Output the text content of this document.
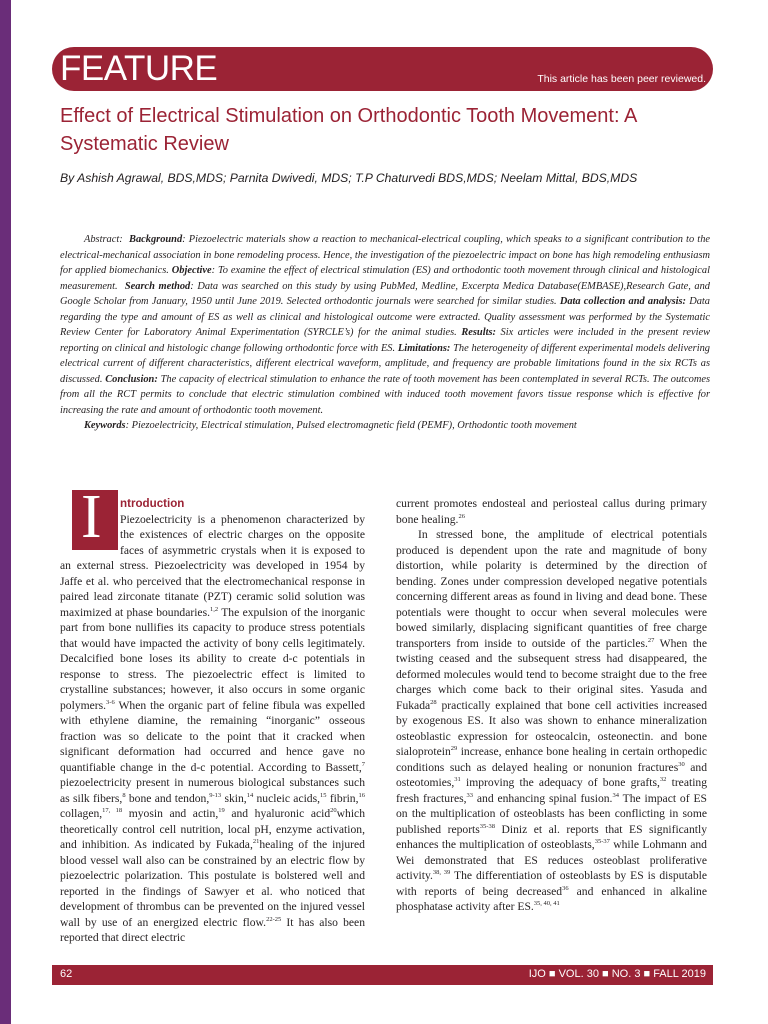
FEATURE	This article has been peer reviewed.
Effect of Electrical Stimulation on Orthodontic Tooth Movement: A Systematic Review
By Ashish Agrawal, BDS,MDS; Parnita Dwivedi, MDS; T.P Chaturvedi BDS,MDS; Neelam Mittal, BDS,MDS
Abstract: Background: Piezoelectric materials show a reaction to mechanical-electrical coupling, which speaks to a significant contribution to the electrical-mechanical association in bone remodeling process. Hence, the investigation of the piezoelectric impact on bone has high remodeling enthusiasm for applied biomechanics. Objective: To examine the effect of electrical stimulation (ES) and orthodontic tooth movement through clinical and histological measurement. Search method: Data was searched on this study by using PubMed, Medline, Excerpta Medica Database(EMBASE),Research Gate, and Google Scholar from January, 1950 until June 2019. Selected orthodontic journals were searched for similar studies. Data collection and analysis: Data regarding the type and amount of ES as well as clinical and histological outcome were extracted. Quality assessment was performed by the Systematic Review Center for Laboratory Animal Experimentation (SYRCLE’s) for the animal studies. Results: Six articles were included in the present review reporting on clinical and histologic change following orthodontic force with ES. Limitations: The heterogeneity of different experimental models delivering electrical current of different characteristics, different electrical waveform, amplitude, and frequency are probable limitations found in the six RCTs as discussed. Conclusion: The capacity of electrical stimulation to enhance the rate of tooth movement has been contemplated in several RCTs. The outcomes from all the RCT permits to conclude that electric stimulation combined with induced tooth movement favors tissue response which is effective for increasing the rate and amount of orthodontic tooth movement.
Keywords: Piezoelectricity, Electrical stimulation, Pulsed electromagnetic field (PEMF), Orthodontic tooth movement
I	ntroduction
Piezoelectricity is a phenomenon characterized by the existences of electric charges on the opposite faces of asymmetric crystals when it is exposed to an external stress. Piezoelectricity was developed in 1954 by Jaffe et al. who perceived that the electromechanical response in paired lead zirconate titanate (PZT) ceramic solid solution was maximized at phase boundaries.$^{1,2}$ The expulsion of the inorganic part from bone nullifies its capacity to produce stress potentials that would have impacted the activity of bony cells legitimately. Decalcified bone loses its ability to create d-c potentials in response to stress. The piezoelectric effect is limited to crystalline substances; however, it also occurs in some organic polymers.$^{3-6}$ When the organic part of feline fibula was expelled with ethylene diamine, the remaining “inorganic” osseous fraction was so delicate to the point that it cracked when significant deformation had occurred and hence gave no quantifiable change in the d-c potential. According to Bassett,$^7$ piezoelectricity present in numerous biological substances such as silk fibers,$^8$ bone and tendon,$^{9-13}$ skin,$^{14}$ nucleic acids,$^{15}$ fibrin,$^{16}$ collagen,$^{17, 18}$ myosin and actin,$^{19}$ and hyaluronic acid$^{20}$which theoretically control cell nutrition, local pH, enzyme activation, and inhibition. As indicated by Fukada,$^{21}$healing of the injured blood vessel wall also can be constrained by an electric flow by piezoelectric polarization. This postulate is bolstered well and reported in the findings of Sawyer et al. who noticed that development of thrombus can be prevented on the injured vessel wall by use of an energized electric flow.$^{22-25}$ It has also been reported that direct electric

current promotes endosteal and periosteal callus during primary bone healing.$^{26}$

In stressed bone, the amplitude of electrical potentials produced is dependent upon the rate and magnitude of bony distortion, while polarity is determined by the direction of bending. Zones under compression developed negative potentials concerning different areas as found in living and dead bone. These potentials were thought to occur when several molecules were bowed similarly, displacing significant quantities of free charge transporters from inside to outside of the particles.$^{27}$ When the twisting ceased and the subsequent stress had disappeared, the deformed molecules would tend to become straight due to the free charges which come back to their original sites. Yasuda and Fukada$^{28}$ practically explained that bone cell activities increased by exogenous ES. It also was shown to enhance mineralization osteoblastic expression for osteocalcin, osteonectin. and bone sialoprotein$^{29}$ increase, enhance bone healing in certain orthopedic conditions such as delayed healing or nonunion fractures$^{30}$ and osteotomies,$^{31}$ improving the adequacy of bone grafts,$^{32}$ treating fresh fractures,$^{33}$ and enhancing spinal fusion.$^{34}$ The impact of ES on the multiplication of osteoblasts has been conflicting in some published reports$^{35-38}$ Diniz et al. reports that ES significantly enhances the multiplication of osteoblasts,$^{35-37}$ while Lohmann and Wei demonstrated that ES reduces osteoblast proliferative activity.$^{38, 39}$ The differentiation of osteoblasts by ES is disputable with reports of being decreased$^{36}$ and enhanced in alkaline phosphatase activity after ES.$^{35, 40, 41}$

62	IJO ■ VOL. 30 ■ NO. 3 ■ FALL 2019
